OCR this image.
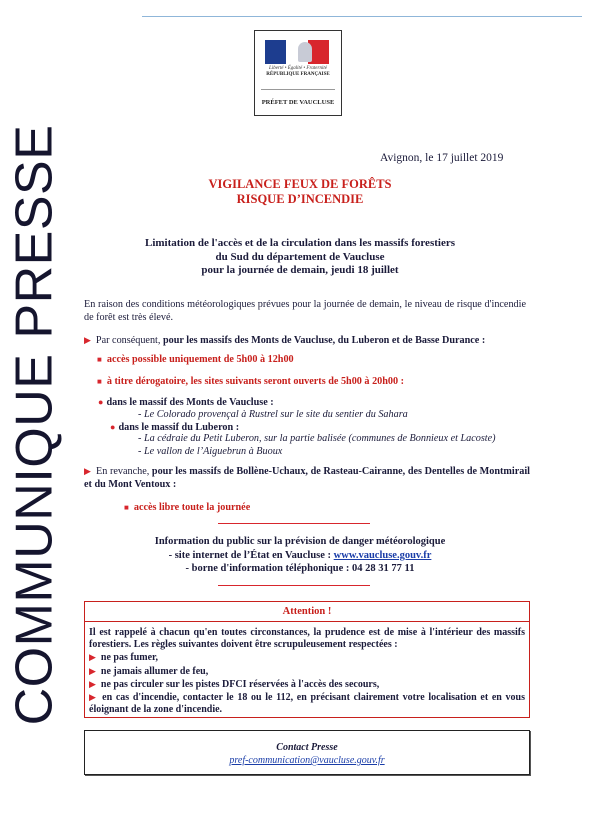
COMMUNIQUE PRESSE
Liberté • Égalité • Fraternité
RÉPUBLIQUE FRANÇAISE
PRÉFET DE VAUCLUSE
Avignon, le 17 juillet 2019
VIGILANCE FEUX DE FORÊTS
RISQUE D’INCENDIE
Limitation de l'accès et de la circulation dans les massifs forestiers
du Sud du département de Vaucluse
pour la journée de demain, jeudi 18 juillet
En raison des conditions météorologiques prévues pour la journée de demain, le niveau de risque d'incendie de forêt est très élevé.
▶ Par conséquent, pour les massifs des Monts de Vaucluse, du Luberon et de Basse Durance :
■ accès possible uniquement de 5h00 à 12h00
■ à titre dérogatoire, les sites suivants seront ouverts de 5h00 à 20h00 :
● dans le massif des Monts de Vaucluse :
- Le Colorado provençal à Rustrel sur le site du sentier du Sahara
● dans le massif du Luberon :
- La cédraie du Petit Luberon, sur la partie balisée (communes de Bonnieux et Lacoste)
- Le vallon de l’Aiguebrun à Buoux
▶ En revanche, pour les massifs de Bollène-Uchaux, de Rasteau-Cairanne, des Dentelles de Montmirail et du Mont Ventoux :
■ accès libre toute la journée
Information du public sur la prévision de danger météorologique
- site internet de l’État en Vaucluse : www.vaucluse.gouv.fr
- borne d'information téléphonique : 04 28 31 77 11
Attention !
Il est rappelé à chacun qu'en toutes circonstances, la prudence est de mise à l'intérieur des massifs forestiers. Les règles suivantes doivent être scrupuleusement respectées :
▶ ne pas fumer,
▶ ne jamais allumer de feu,
▶ ne pas circuler sur les pistes DFCI réservées à l'accès des secours,
▶ en cas d'incendie, contacter le 18 ou le 112, en précisant clairement votre localisation et en vous éloignant de la zone d'incendie.
Contact Presse
pref-communication@vaucluse.gouv.fr
